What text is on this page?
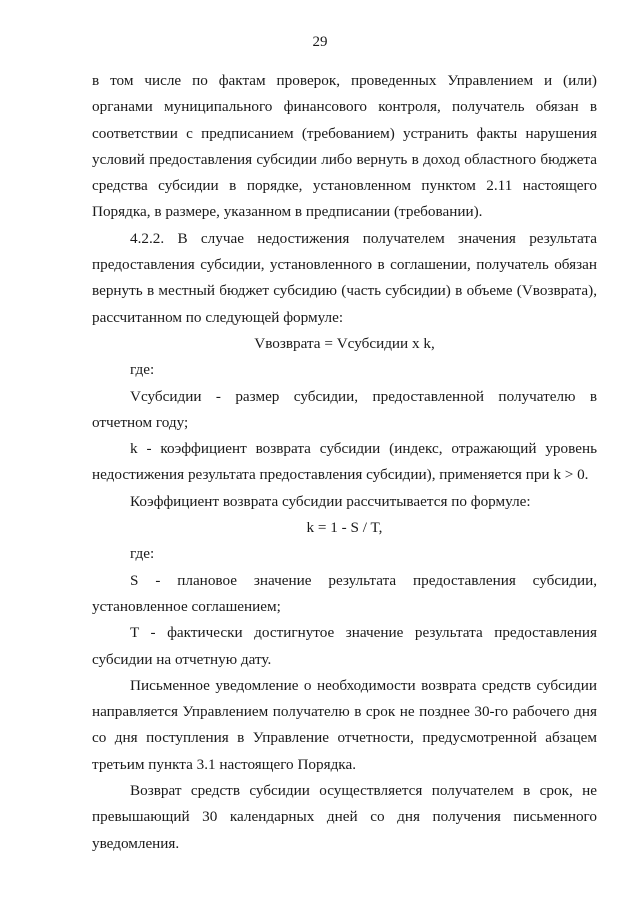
29

в том числе по фактам проверок, проведенных Управлением и (или) органами муниципального финансового контроля, получатель обязан в соответствии с предписанием (требованием) устранить факты нарушения условий предоставления субсидии либо вернуть в доход областного бюджета средства субсидии в порядке, установленном пунктом 2.11 настоящего Порядка, в размере, указанном в предписании (требовании).

4.2.2. В случае недостижения получателем значения результата предоставления субсидии, установленного в соглашении, получатель обязан вернуть в местный бюджет субсидию (часть субсидии) в объеме (Vвозврата), рассчитанном по следующей формуле:

Vвозврата = Vсубсидии x k,

где:

Vсубсидии - размер субсидии, предоставленной получателю в отчетном году;

k - коэффициент возврата субсидии (индекс, отражающий уровень недостижения результата предоставления субсидии), применяется при k > 0.

Коэффициент возврата субсидии рассчитывается по формуле:

k = 1 - S / T,

где:

S - плановое значение результата предоставления субсидии, установленное соглашением;

T - фактически достигнутое значение результата предоставления субсидии на отчетную дату.

Письменное уведомление о необходимости возврата средств субсидии направляется Управлением получателю в срок не позднее 30-го рабочего дня со дня поступления в Управление отчетности, предусмотренной абзацем третьим пункта 3.1 настоящего Порядка.

Возврат средств субсидии осуществляется получателем в срок, не превышающий 30 календарных дней со дня получения письменного уведомления.
